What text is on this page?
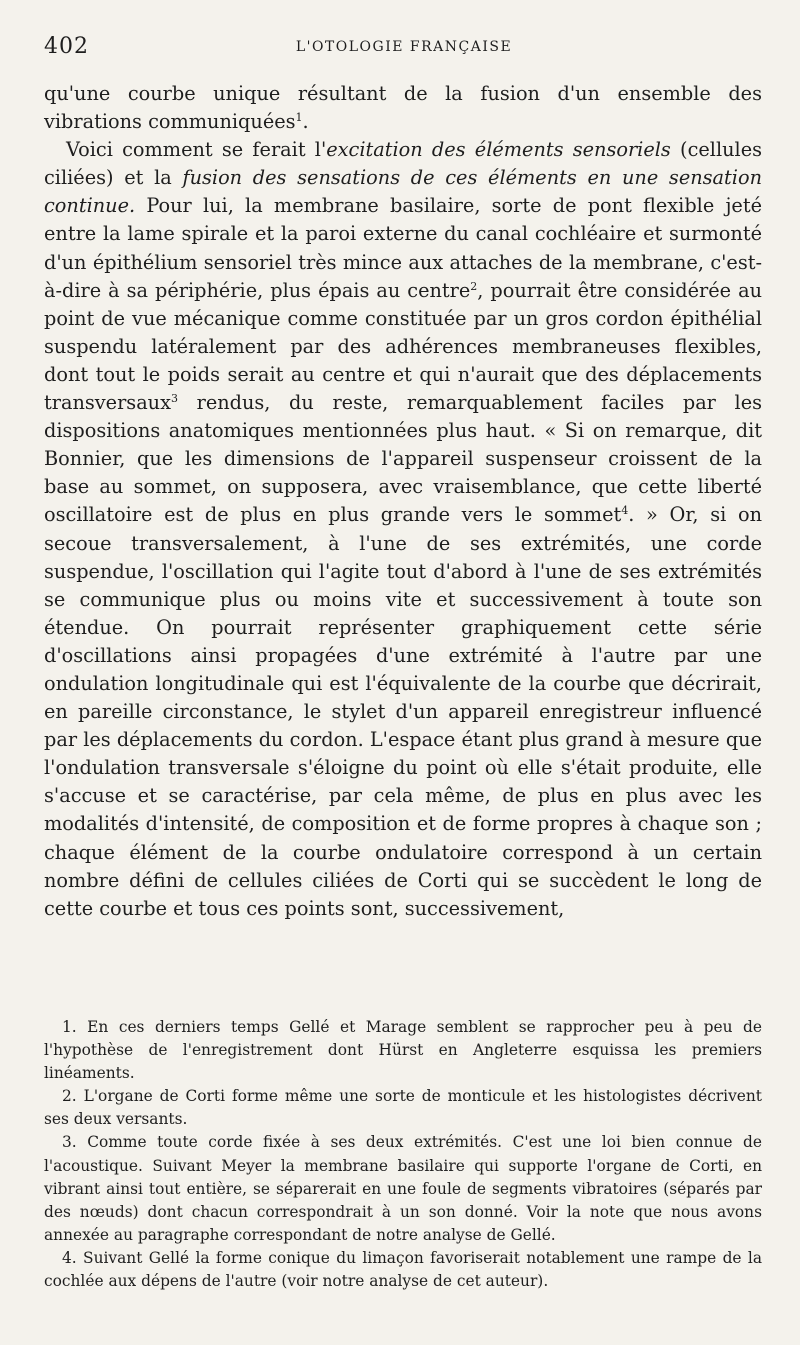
402	L'OTOLOGIE FRANÇAISE

qu'une courbe unique résultant de la fusion d'un ensemble des vibrations communiquées$^1$.

Voici comment se ferait l'excitation des éléments sensoriels (cellules ciliées) et la fusion des sensations de ces éléments en une sensation continue. Pour lui, la membrane basilaire, sorte de pont flexible jeté entre la lame spirale et la paroi externe du canal cochléaire et surmonté d'un épithélium sensoriel très mince aux attaches de la membrane, c'est-à-dire à sa périphérie, plus épais au centre$^2$, pourrait être considérée au point de vue mécanique comme constituée par un gros cordon épithélial suspendu latéralement par des adhérences membraneuses flexibles, dont tout le poids serait au centre et qui n'aurait que des déplacements transversaux$^3$ rendus, du reste, remarquablement faciles par les dispositions anatomiques mentionnées plus haut. « Si on remarque, dit Bonnier, que les dimensions de l'appareil suspenseur croissent de la base au sommet, on supposera, avec vraisemblance, que cette liberté oscillatoire est de plus en plus grande vers le sommet$^4$. » Or, si on secoue transversalement, à l'une de ses extrémités, une corde suspendue, l'oscillation qui l'agite tout d'abord à l'une de ses extrémités se communique plus ou moins vite et successivement à toute son étendue. On pourrait représenter graphiquement cette série d'oscillations ainsi propagées d'une extrémité à l'autre par une ondulation longitudinale qui est l'équivalente de la courbe que décrirait, en pareille circonstance, le stylet d'un appareil enregistreur influencé par les déplacements du cordon. L'espace étant plus grand à mesure que l'ondulation transversale s'éloigne du point où elle s'était produite, elle s'accuse et se caractérise, par cela même, de plus en plus avec les modalités d'intensité, de composition et de forme propres à chaque son ; chaque élément de la courbe ondulatoire correspond à un certain nombre défini de cellules ciliées de Corti qui se succèdent le long de cette courbe et tous ces points sont, successivement,

1. En ces derniers temps Gellé et Marage semblent se rapprocher peu à peu de l'hypothèse de l'enregistrement dont Hürst en Angleterre esquissa les premiers linéaments.

2. L'organe de Corti forme même une sorte de monticule et les histologistes décrivent ses deux versants.

3. Comme toute corde fixée à ses deux extrémités. C'est une loi bien connue de l'acoustique. Suivant Meyer la membrane basilaire qui supporte l'organe de Corti, en vibrant ainsi tout entière, se séparerait en une foule de segments vibratoires (séparés par des nœuds) dont chacun correspondrait à un son donné. Voir la note que nous avons annexée au paragraphe correspondant de notre analyse de Gellé.

4. Suivant Gellé la forme conique du limaçon favoriserait notablement une rampe de la cochlée aux dépens de l'autre (voir notre analyse de cet auteur).
